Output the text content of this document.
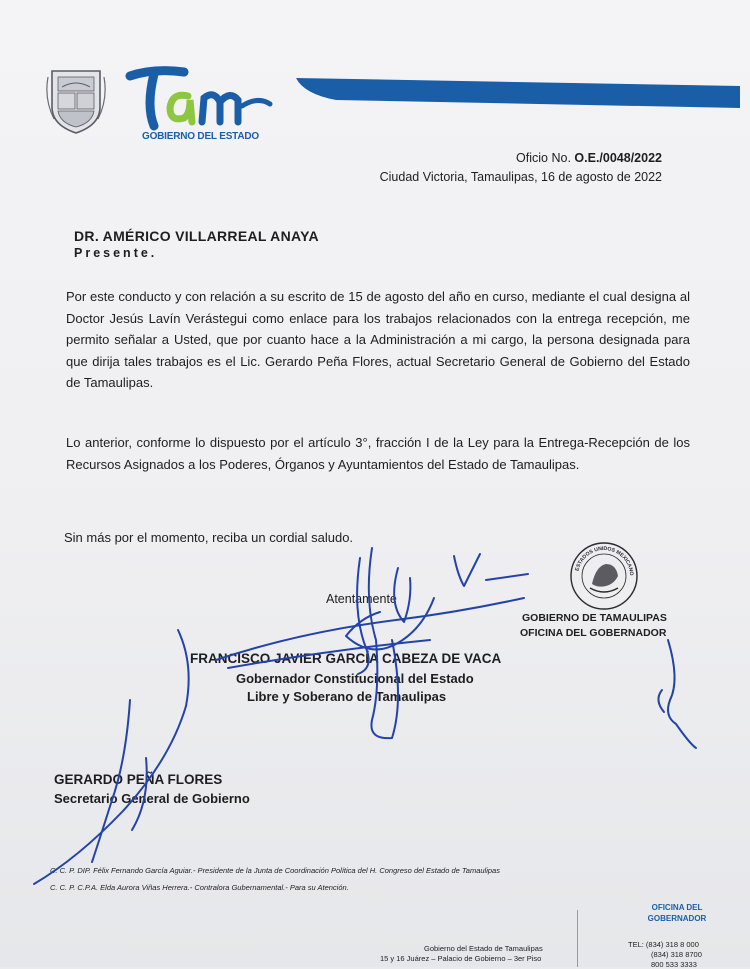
GOBIERNO DEL ESTADO
Oficio No. O.E./0048/2022
Ciudad Victoria, Tamaulipas, 16 de agosto de 2022
DR. AMÉRICO VILLARREAL ANAYA
Presente.
Por este conducto y con relación a su escrito de 15 de agosto del año en curso, mediante el cual designa al Doctor Jesús Lavín Verástegui como enlace para los trabajos relacionados con la entrega recepción, me permito señalar a Usted, que por cuanto hace a la Administración a mi cargo, la persona designada para que dirija tales trabajos es el Lic. Gerardo Peña Flores, actual Secretario General de Gobierno del Estado de Tamaulipas.
Lo anterior, conforme lo dispuesto por el artículo 3°, fracción I de la Ley para la Entrega-Recepción de los Recursos Asignados a los Poderes, Órganos y Ayuntamientos del Estado de Tamaulipas.
Sin más por el momento, reciba un cordial saludo.
Atentamente
FRANCISCO JAVIER GARCÍA CABEZA DE VACA
Gobernador Constitucional del Estado
Libre y Soberano de Tamaulipas
ESTADOS UNIDOS MEXICANO
GOBIERNO DE TAMAULIPAS
OFICINA DEL GOBERNADOR
GERARDO PEÑA FLORES
Secretario General de Gobierno
C. C. P. DIP. Félix Fernando García Aguiar.- Presidente de la Junta de Coordinación Política del H. Congreso del Estado de Tamaulipas
C. C. P. C.P.A. Elda Aurora Viñas Herrera.- Contralora Gubernamental.- Para su Atención.
OFICINA DEL GOBERNADOR
Gobierno del Estado de Tamaulipas
15 y 16 Juárez – Palacio de Gobierno – 3er Piso
TEL: (834) 318 8 000
(834) 318 8700
800 533 3333
